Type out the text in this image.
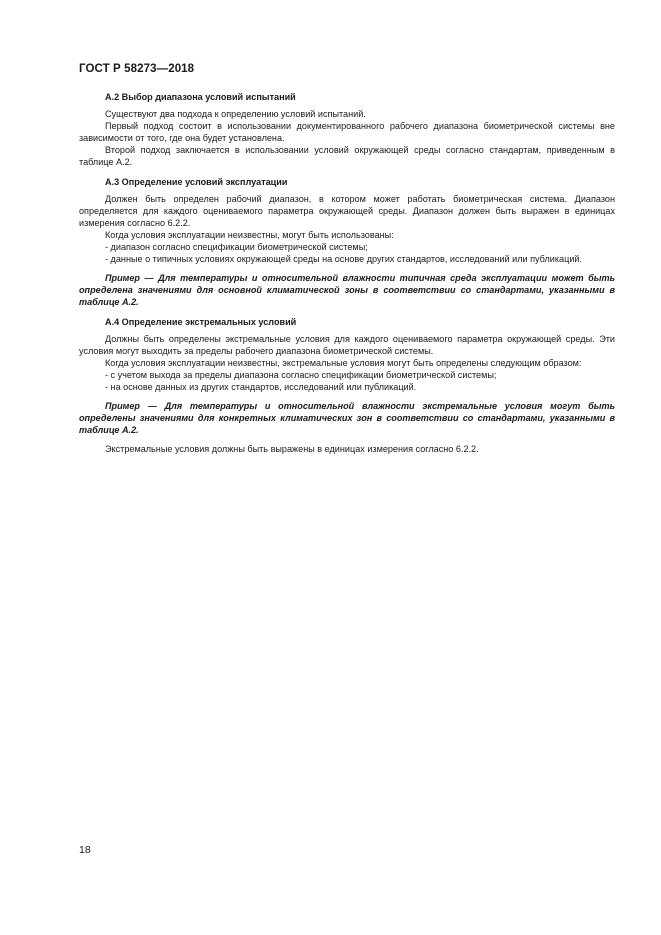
ГОСТ Р 58273—2018

А.2 Выбор диапазона условий испытаний

Существуют два подхода к определению условий испытаний.

Первый подход состоит в использовании документированного рабочего диапазона биометрической системы вне зависимости от того, где она будет установлена.

Второй подход заключается в использовании условий окружающей среды согласно стандартам, приведенным в таблице А.2.

А.3 Определение условий эксплуатации

Должен быть определен рабочий диапазон, в котором может работать биометрическая система. Диапазон определяется для каждого оцениваемого параметра окружающей среды. Диапазон должен быть выражен в единицах измерения согласно 6.2.2.

Когда условия эксплуатации неизвестны, могут быть использованы:

- диапазон согласно спецификации биометрической системы;

- данные о типичных условиях окружающей среды на основе других стандартов, исследований или публикаций.

Пример — Для температуры и относительной влажности типичная среда эксплуатации может быть определена значениями для основной климатической зоны в соответствии со стандартами, указанными в таблице А.2.

А.4 Определение экстремальных условий

Должны быть определены экстремальные условия для каждого оцениваемого параметра окружающей среды. Эти условия могут выходить за пределы рабочего диапазона биометрической системы.

Когда условия эксплуатации неизвестны, экстремальные условия могут быть определены следующим образом:

- с учетом выхода за пределы диапазона согласно спецификации биометрической системы;

- на основе данных из других стандартов, исследований или публикаций.

Пример — Для температуры и относительной влажности экстремальные условия могут быть определены значениями для конкретных климатических зон в соответствии со стандартами, указанными в таблице А.2.

Экстремальные условия должны быть выражены в единицах измерения согласно 6.2.2.

18
